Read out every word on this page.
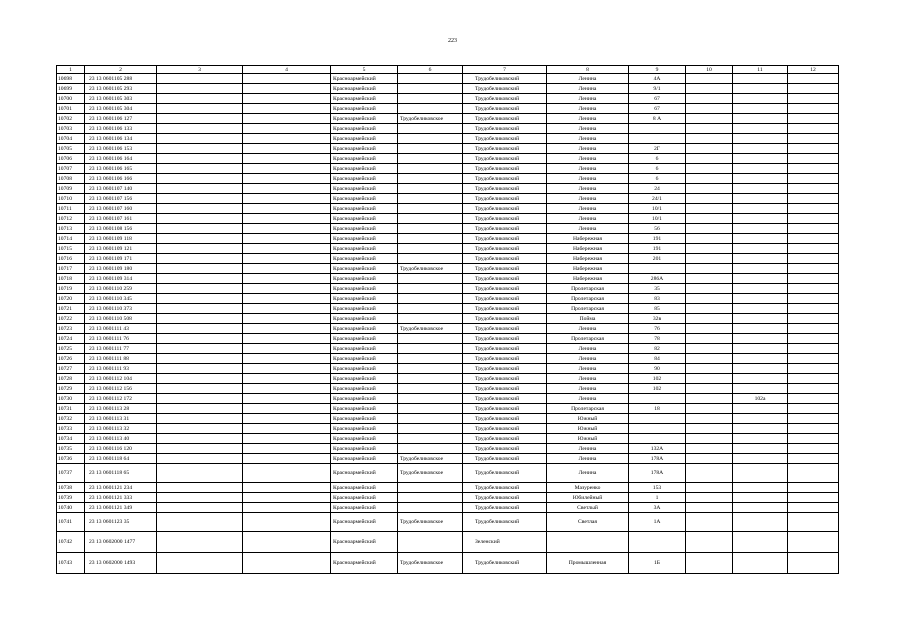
223
1	2	3	4	5	6	7	8	9	10	11	12
10698	23 13 0601105 288			Красноармейский		Трудобеликовский	Ленина	4А			
10699	23 13 0601105 293			Красноармейский		Трудобеликовский	Ленина	9/1			
10700	23 13 0601105 303			Красноармейский		Трудобеликовский	Ленина	67			
10701	23 13 0601105 304			Красноармейский		Трудобеликовский	Ленина	67			
10702	23 13 0601106 127			Красноармейский	Трудобеликовское	Трудобеликовский	Ленина	8 А			
10703	23 13 0601106 133			Красноармейский		Трудобеликовский	Ленина				
10704	23 13 0601106 134			Красноармейский		Трудобеликовский	Ленина				
10705	23 13 0601106 153			Красноармейский		Трудобеликовский	Ленина	2Г			
10706	23 13 0601106 164			Красноармейский		Трудобеликовский	Ленина	6			
10707	23 13 0601106 165			Красноармейский		Трудобеликовский	Ленина	6			
10708	23 13 0601106 166			Красноармейский		Трудобеликовский	Ленина	6			
10709	23 13 0601107 140			Красноармейский		Трудобеликовский	Ленина	24			
10710	23 13 0601107 156			Красноармейский		Трудобеликовский	Ленина	24/1			
10711	23 13 0601107 160			Красноармейский		Трудобеликовский	Ленина	10/1			
10712	23 13 0601107 161			Красноармейский		Трудобеликовский	Ленина	10/1			
10713	23 13 0601108 156			Красноармейский		Трудобеликовский	Ленина	56			
10714	23 13 0601109 118			Красноармейский		Трудобеликовский	Набережная	191			
10715	23 13 0601109 121			Красноармейский		Трудобеликовский	Набережная	191			
10716	23 13 0601109 171			Красноармейский		Трудобеликовский	Набережная	201			
10717	23 13 0601109 180			Красноармейский	Трудобеликовское	Трудобеликовский	Набережная				
10718	23 13 0601109 314			Красноармейский		Трудобеликовский	Набережная	286А			
10719	23 13 0601110 259			Красноармейский		Трудобеликовский	Пролетарская	35			
10720	23 13 0601110 345			Красноармейский		Трудобеликовский	Пролетарская	83			
10721	23 13 0601110 373			Красноармейский		Трудобеликовский	Пролетарская	85			
10722	23 13 0601110 508			Красноармейский		Трудобеликовский	Пойма	32в			
10723	23 13 0601111 43			Красноармейский	Трудобеликовское	Трудобеликовский	Ленина	76			
10724	23 13 0601111 76			Красноармейский		Трудобеликовский	Пролетарская	78			
10725	23 13 0601111 77			Красноармейский		Трудобеликовский	Ленина	82			
10726	23 13 0601111 88			Красноармейский		Трудобеликовский	Ленина	84			
10727	23 13 0601111 93			Красноармейский		Трудобеликовский	Ленина	90			
10728	23 13 0601112 104			Красноармейский		Трудобеликовский	Ленина	102			
10729	23 13 0601112 156			Красноармейский		Трудобеликовский	Ленина	102			
10730	23 13 0601112 172			Красноармейский		Трудобеликовский	Ленина			102а	
10731	23 13 0601113 28			Красноармейский		Трудобеликовский	Пролетарская	18			
10732	23 13 0601113 31			Красноармейский		Трудобеликовский	Южный				
10733	23 13 0601113 32			Красноармейский		Трудобеликовский	Южный				
10734	23 13 0601113 40			Красноармейский		Трудобеликовский	Южный				
10735	23 13 0601116 120			Красноармейский		Трудобеликовский	Ленина	132А			
10736	23 13 0601118 64			Красноармейский	Трудобеликовское	Трудобеликовский	Ленина	178А			
10737	23 13 0601118 65			Красноармейский	Трудобеликовское	Трудобеликовский	Ленина	178А			
10738	23 13 0601121 234			Красноармейский		Трудобеликовский	Мазуренко	153			
10739	23 13 0601121 333			Красноармейский		Трудобеликовский	Юбилейный	1			
10740	23 13 0601121 349			Красноармейский		Трудобеликовский	Светлый	3А			
10741	23 13 0601123 35			Красноармейский	Трудобеликовское	Трудобеликовский	Светлая	1А			
10742	23 13 0602000 1477			Красноармейский		Зеленский					
10743	23 13 0602000 1493			Красноармейский	Трудобеликовское	Трудобеликовский	Промышленная	1Б			
